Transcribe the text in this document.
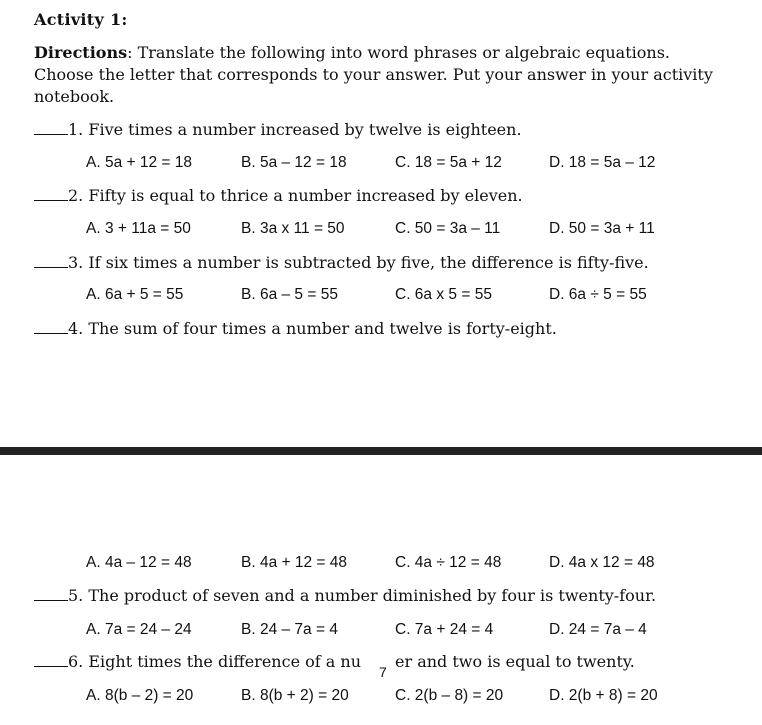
Activity 1:
Directions: Translate the following into word phrases or algebraic equations. Choose the letter that corresponds to your answer. Put your answer in your activity notebook.
1. Five times a number increased by twelve is eighteen.
A. 5a + 12 = 18	B. 5a – 12 = 18	C. 18 = 5a + 12	D. 18 = 5a – 12
2. Fifty is equal to thrice a number increased by eleven.
A. 3 + 11a = 50	B. 3a x 11 = 50	C. 50 = 3a – 11	D. 50 = 3a + 11
3. If six times a number is subtracted by five, the difference is fifty-five.
A. 6a + 5 = 55	B. 6a – 5 = 55	C. 6a x 5 = 55	D. 6a ÷ 5 = 55
4. The sum of four times a number and twelve is forty-eight.
A. 4a – 12 = 48	B. 4a + 12 = 48	C. 4a ÷ 12 = 48	D. 4a x 12 = 48
5. The product of seven and a number diminished by four is twenty-four.
A. 7a = 24 – 24	B. 24 – 7a = 4	C. 7a + 24 = 4	D. 24 = 7a – 4
6. Eight times the difference of a nu er and two is equal to twenty.
7
A. 8(b – 2) = 20	B. 8(b + 2) = 20	C. 2(b – 8) = 20	D. 2(b + 8) = 20
